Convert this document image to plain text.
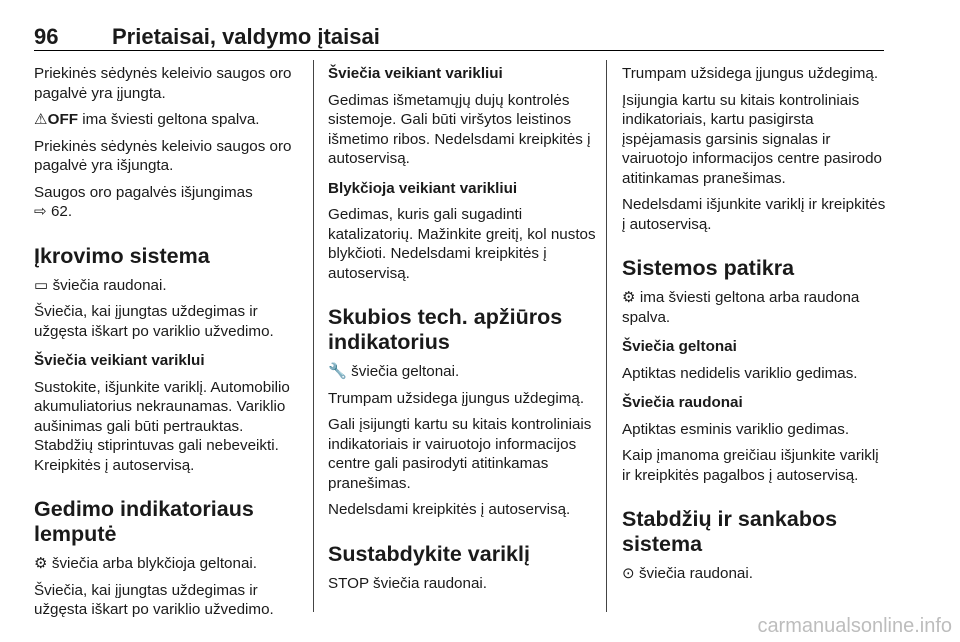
96 Prietaisai, valdymo įtaisai

Priekinės sėdynės keleivio saugos oro pagalvė yra įjungta.

⚠OFF ima šviesti geltona spalva.

Priekinės sėdynės keleivio saugos oro pagalvė yra išjungta.

Saugos oro pagalvės išjungimas

⇨ 62.

Įkrovimo sistema

▭ šviečia raudonai.

Šviečia, kai įjungtas uždegimas ir užgęsta iškart po variklio užvedimo.

Šviečia veikiant variklui

Sustokite, išjunkite variklį. Automobilio akumuliatorius nekraunamas. Variklio aušinimas gali būti pertrauktas. Stabdžių stiprintuvas gali nebeveikti. Kreipkitės į autoservisą.

Gedimo indikatoriaus lemputė

⚙ šviečia arba blykčioja geltonai.

Šviečia, kai įjungtas uždegimas ir užgęsta iškart po variklio užvedimo.

Šviečia veikiant varikliui

Gedimas išmetamųjų dujų kontrolės sistemoje. Gali būti viršytos leistinos išmetimo ribos. Nedelsdami kreipkitės į autoservisą.

Blykčioja veikiant varikliui

Gedimas, kuris gali sugadinti katalizatorių. Mažinkite greitį, kol nustos blykčioti. Nedelsdami kreipkitės į autoservisą.

Skubios tech. apžiūros indikatorius

🔧 šviečia geltonai.

Trumpam užsidega įjungus uždegimą.

Gali įsijungti kartu su kitais kontroliniais indikatoriais ir vairuotojo informacijos centre gali pasirodyti atitinkamas pranešimas.

Nedelsdami kreipkitės į autoservisą.

Sustabdykite variklį

STOP šviečia raudonai.

Trumpam užsidega įjungus uždegimą.

Įsijungia kartu su kitais kontroliniais indikatoriais, kartu pasigirsta įspėjamasis garsinis signalas ir vairuotojo informacijos centre pasirodo atitinkamas pranešimas.

Nedelsdami išjunkite variklį ir kreipkitės į autoservisą.

Sistemos patikra

⚙ ima šviesti geltona arba raudona spalva.

Šviečia geltonai

Aptiktas nedidelis variklio gedimas.

Šviečia raudonai

Aptiktas esminis variklio gedimas.

Kaip įmanoma greičiau išjunkite variklį ir kreipkitės pagalbos į autoservisą.

Stabdžių ir sankabos sistema

⊙ šviečia raudonai.

carmanualsonline.info
